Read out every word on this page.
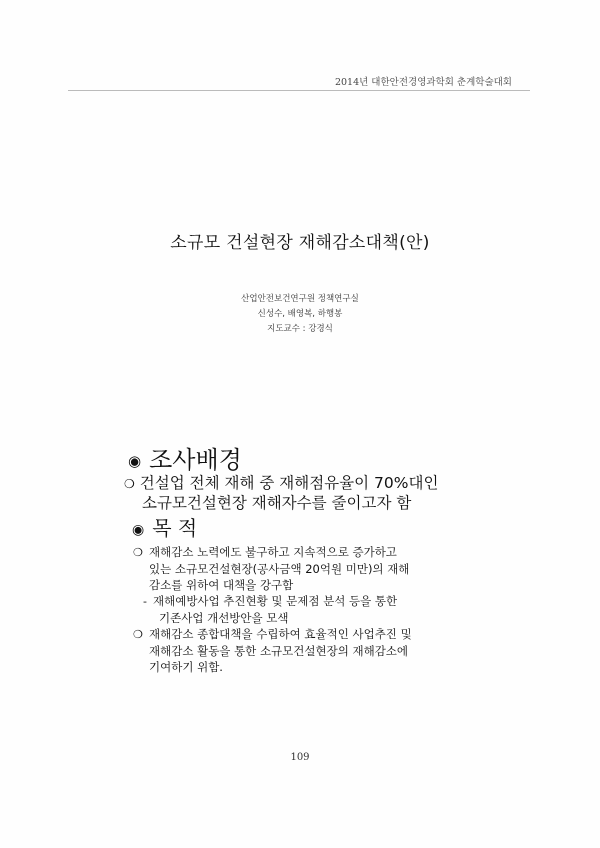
2014년 대한안전경영과학회 춘계학술대회
소규모 건설현장 재해감소대책(안)
산업안전보건연구원 정책연구실
신성수, 배영복, 하행봉
지도교수 : 강경식
◉ 조사배경
❍ 건설업 전체 재해 중 재해점유율이 70%대인
소규모건설현장 재해자수를 줄이고자 함
◉ 목 적
❍ 재해감소 노력에도 불구하고 지속적으로 증가하고
있는 소규모건설현장(공사금액 20억원 미만)의 재해
감소를 위하여 대책을 강구함
- 재해예방사업 추진현황 및 문제점 분석 등을 통한
기존사업 개선방안을 모색
❍ 재해감소 종합대책을 수립하여 효율적인 사업추진 및
재해감소 활동을 통한 소규모건설현장의 재해감소에
기여하기 위함.
109
